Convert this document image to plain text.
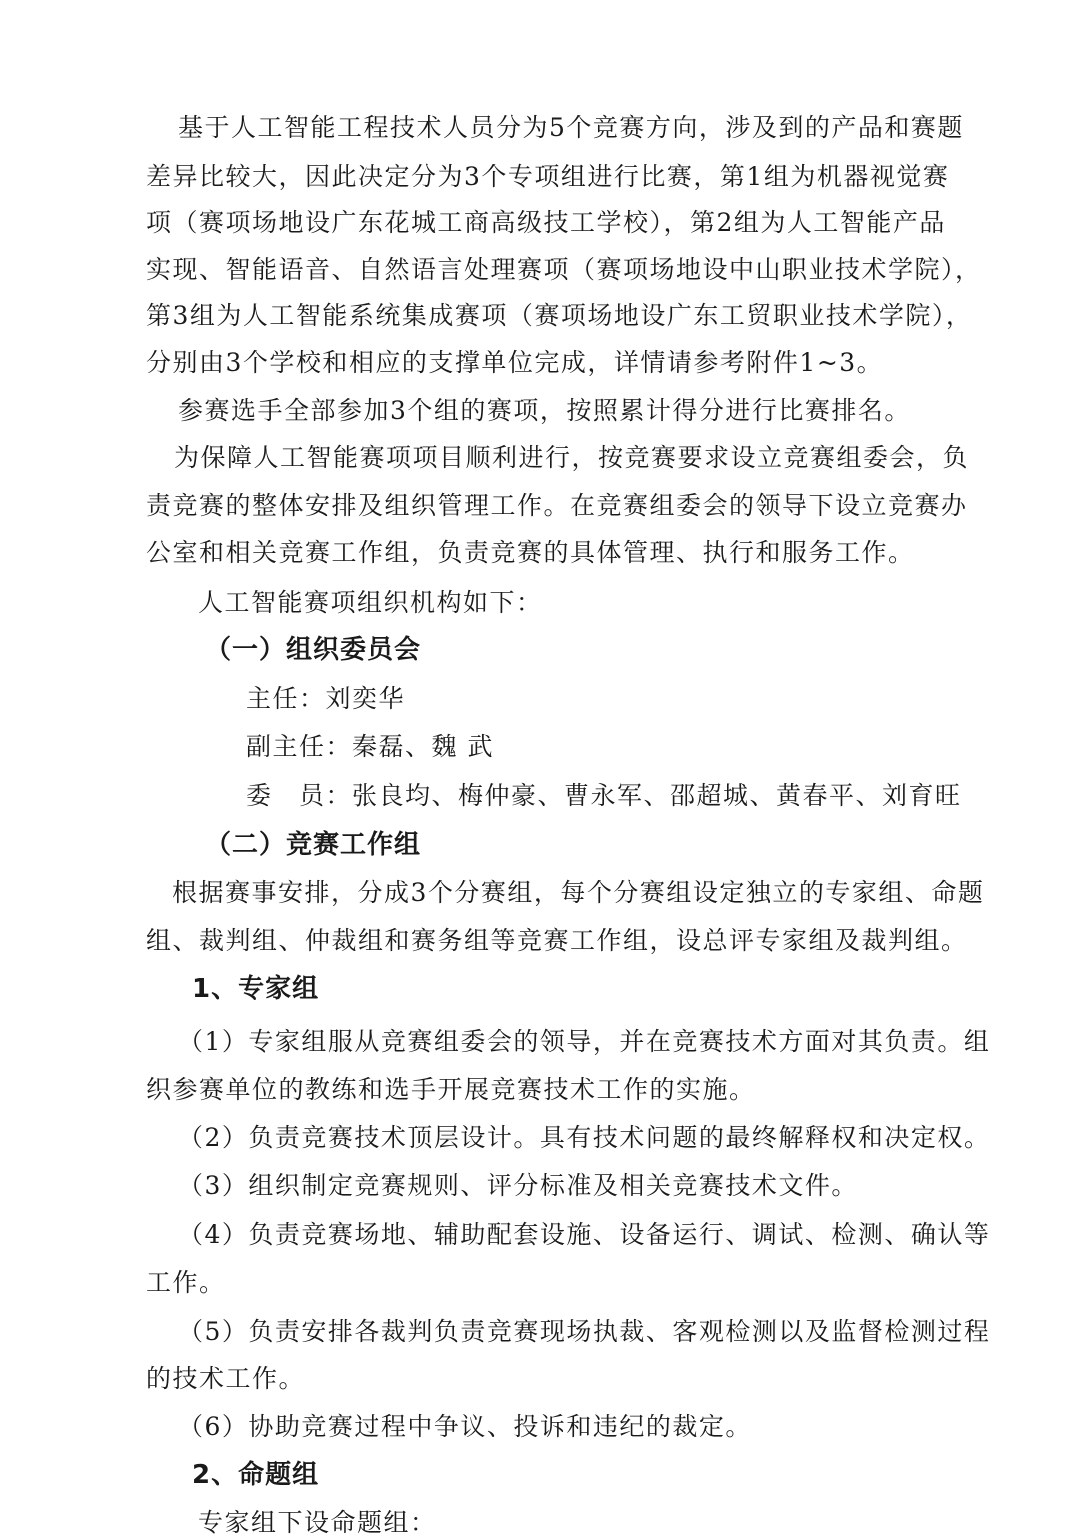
基于人工智能工程技术人员分为5个竞赛方向，涉及到的产品和赛题
差异比较大，因此决定分为3个专项组进行比赛，第1组为机器视觉赛
项（赛项场地设广东花城工商高级技工学校），第2组为人工智能产品
实现、智能语音、自然语言处理赛项（赛项场地设中山职业技术学院），
第3组为人工智能系统集成赛项（赛项场地设广东工贸职业技术学院），
分别由3个学校和相应的支撑单位完成，详情请参考附件1~3。
参赛选手全部参加3个组的赛项，按照累计得分进行比赛排名。
为保障人工智能赛项项目顺利进行，按竞赛要求设立竞赛组委会，负
责竞赛的整体安排及组织管理工作。在竞赛组委会的领导下设立竞赛办
公室和相关竞赛工作组，负责竞赛的具体管理、执行和服务工作。
人工智能赛项组织机构如下：
（一）组织委员会
主任：刘奕华
副主任：秦磊、魏 武
委　员：张良均、梅仲豪、曹永军、邵超城、黄春平、刘育旺
（二）竞赛工作组
根据赛事安排，分成3个分赛组，每个分赛组设定独立的专家组、命题
组、裁判组、仲裁组和赛务组等竞赛工作组，设总评专家组及裁判组。
1、专家组
（1）专家组服从竞赛组委会的领导，并在竞赛技术方面对其负责。组
织参赛单位的教练和选手开展竞赛技术工作的实施。
（2）负责竞赛技术顶层设计。具有技术问题的最终解释权和决定权。
（3）组织制定竞赛规则、评分标准及相关竞赛技术文件。
（4）负责竞赛场地、辅助配套设施、设备运行、调试、检测、确认等
工作。
（5）负责安排各裁判负责竞赛现场执裁、客观检测以及监督检测过程
的技术工作。
（6）协助竞赛过程中争议、投诉和违纪的裁定。
2、命题组
专家组下设命题组：
